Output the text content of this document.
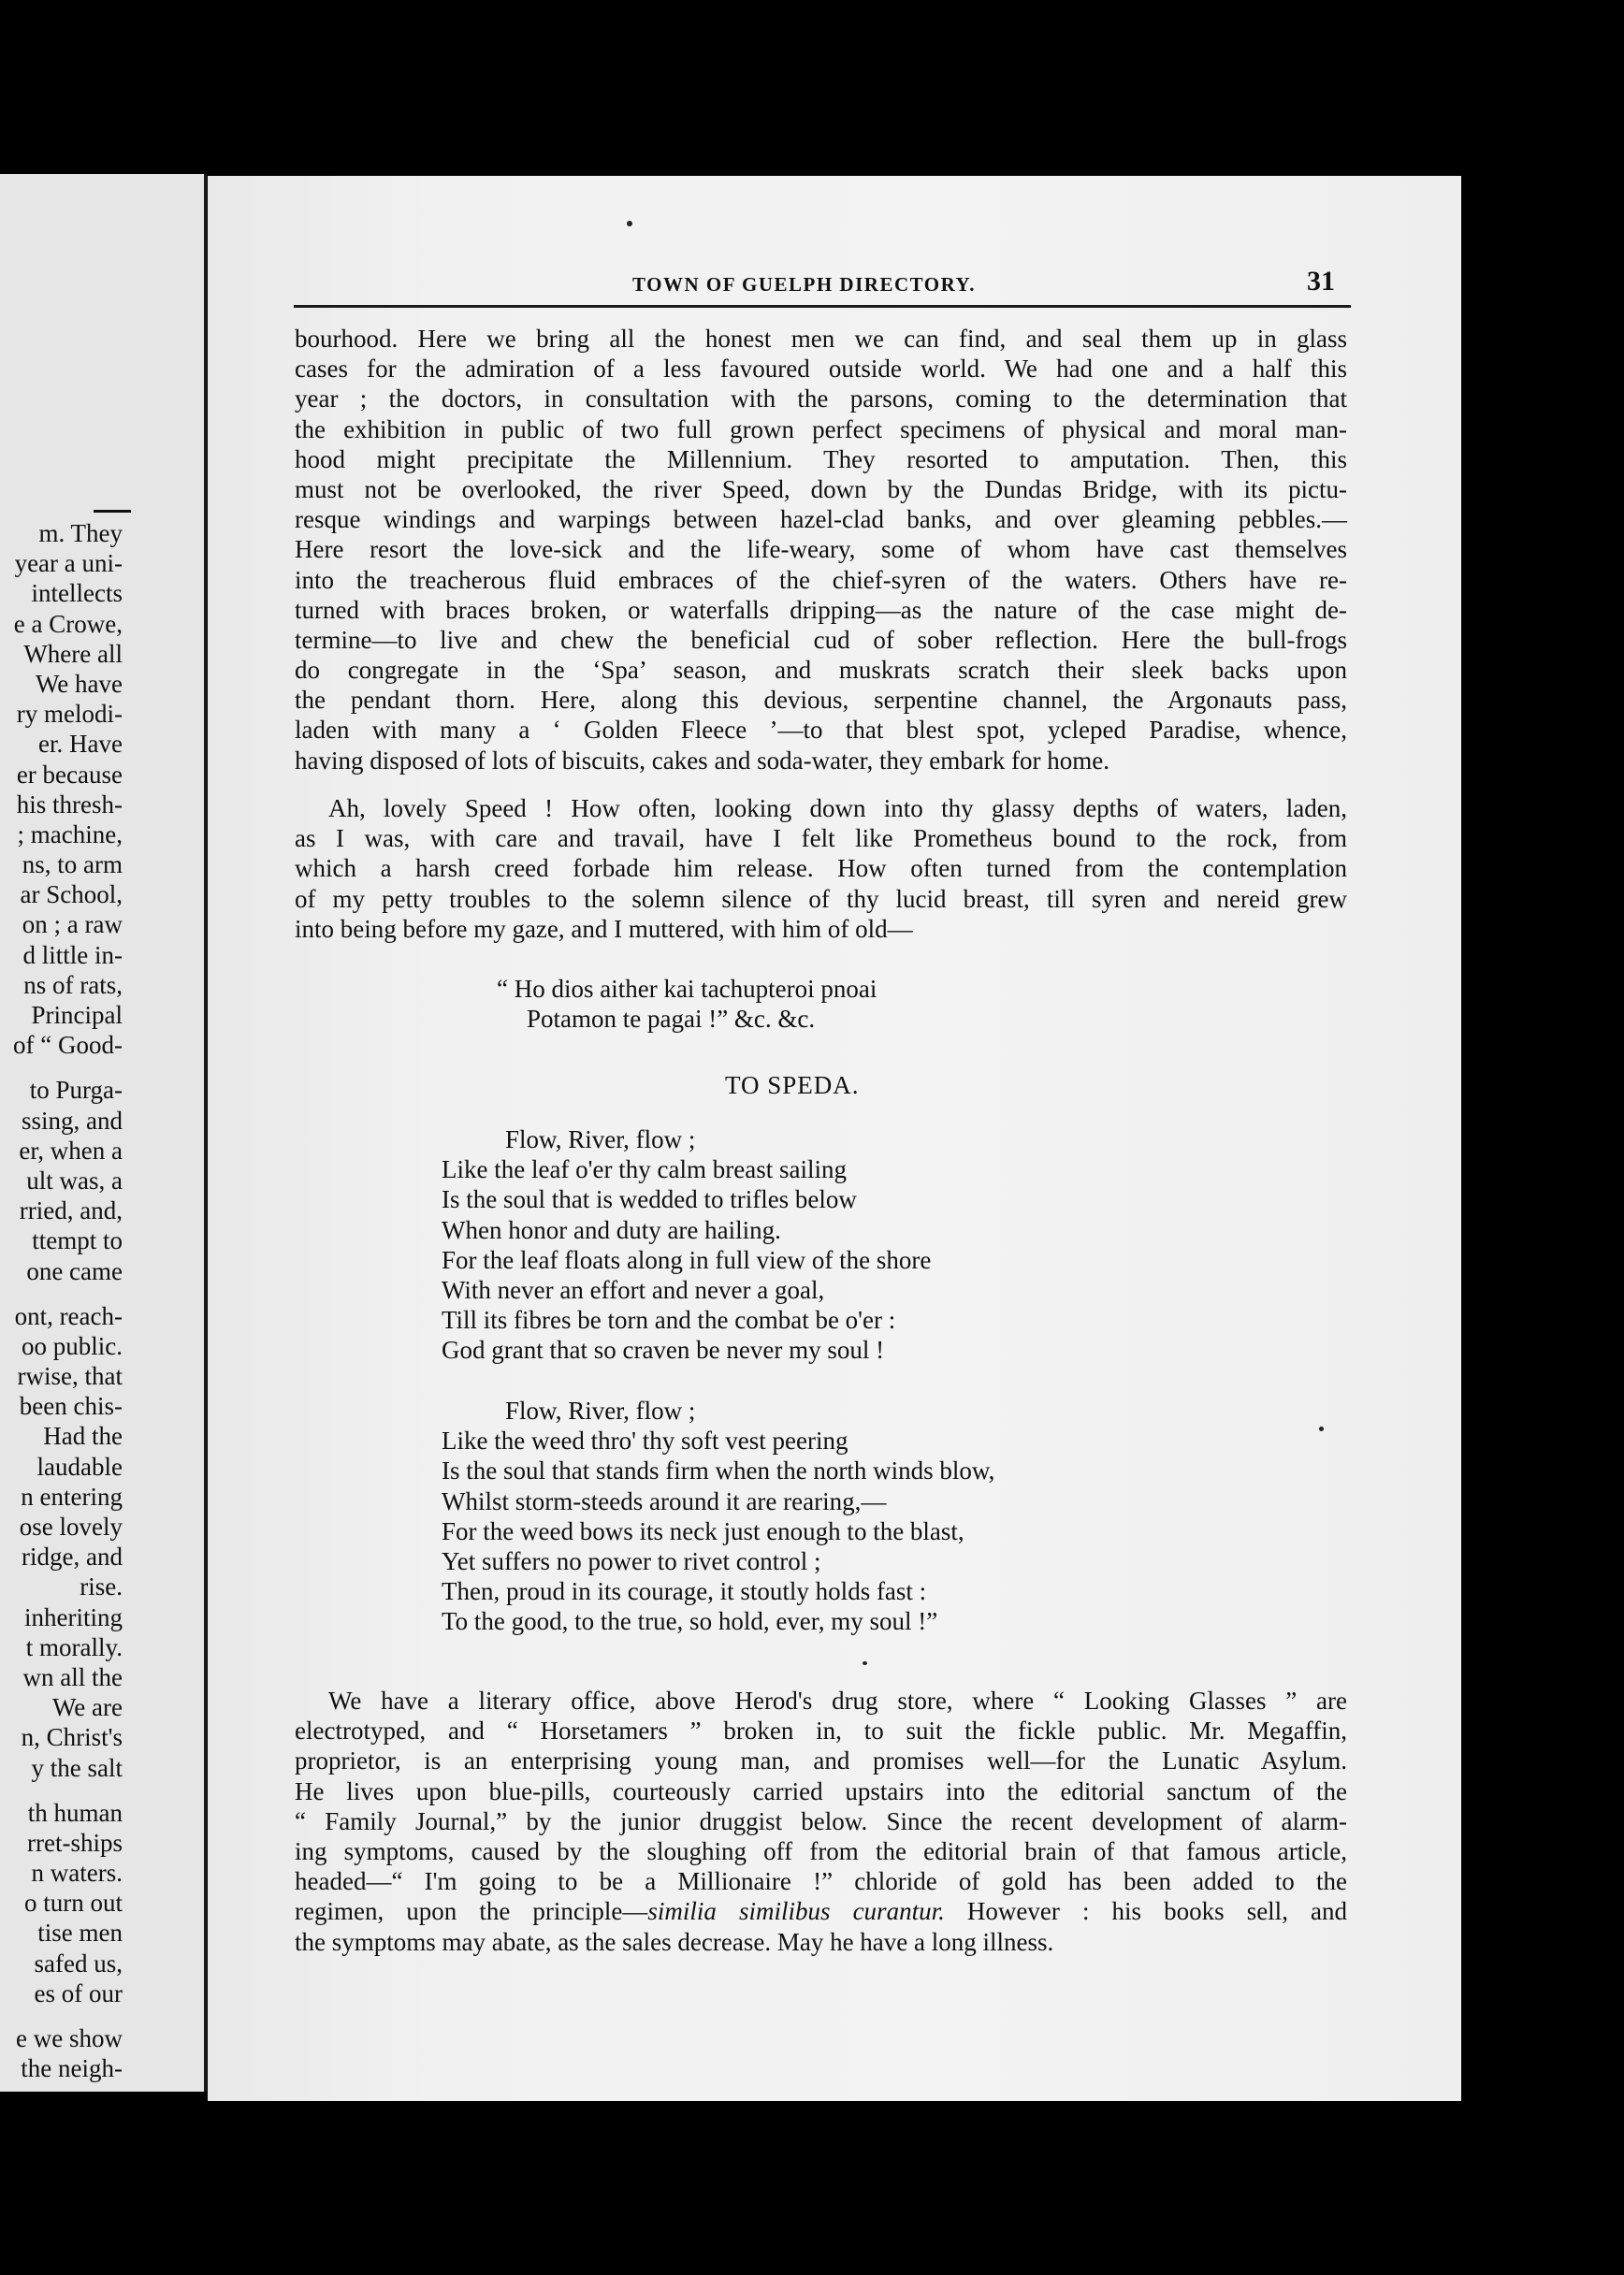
m. They
year a uni-
intellects
e a Crowe,
Where all
We have
ry melodi-
er. Have
er because
his thresh-
; machine,
ns, to arm
ar School,
on ; a raw
d little in-
ns of rats,
Principal
of “ Good-
to Purga-
ssing, and
er, when a
ult was, a
rried, and,
ttempt to
one came
ont, reach-
oo public.
rwise, that
been chis-
Had the
laudable
n entering
ose lovely
ridge, and
rise.
inheriting
t morally.
wn all the
We are
n, Christ's
y the salt
th human
rret-ships
n waters.
o turn out
tise men
safed us,
es of our
e we show
the neigh-
TOWN OF GUELPH DIRECTORY.	31
bourhood. Here we bring all the honest men we can find, and seal them up in glass
cases for the admiration of a less favoured outside world. We had one and a half this
year ; the doctors, in consultation with the parsons, coming to the determination that
the exhibition in public of two full grown perfect specimens of physical and moral man-
hood might precipitate the Millennium. They resorted to amputation. Then, this
must not be overlooked, the river Speed, down by the Dundas Bridge, with its pictu-
resque windings and warpings between hazel-clad banks, and over gleaming pebbles.—
Here resort the love-sick and the life-weary, some of whom have cast themselves
into the treacherous fluid embraces of the chief-syren of the waters. Others have re-
turned with braces broken, or waterfalls dripping—as the nature of the case might de-
termine—to live and chew the beneficial cud of sober reflection. Here the bull-frogs
do congregate in the ‘Spa’ season, and muskrats scratch their sleek backs upon
the pendant thorn. Here, along this devious, serpentine channel, the Argonauts pass,
laden with many a ‘ Golden Fleece ’—to that blest spot, ycleped Paradise, whence,
having disposed of lots of biscuits, cakes and soda-water, they embark for home.
Ah, lovely Speed ! How often, looking down into thy glassy depths of waters, laden,
as I was, with care and travail, have I felt like Prometheus bound to the rock, from
which a harsh creed forbade him release. How often turned from the contemplation
of my petty troubles to the solemn silence of thy lucid breast, till syren and nereid grew
into being before my gaze, and I muttered, with him of old—
“ Ho dios aither kai tachupteroi pnoai
Potamon te pagai !” &c. &c.
TO SPEDA.
Flow, River, flow ;
Like the leaf o'er thy calm breast sailing
Is the soul that is wedded to trifles below
When honor and duty are hailing.
For the leaf floats along in full view of the shore
With never an effort and never a goal,
Till its fibres be torn and the combat be o'er :
God grant that so craven be never my soul !
Flow, River, flow ;
Like the weed thro' thy soft vest peering
Is the soul that stands firm when the north winds blow,
Whilst storm-steeds around it are rearing,—
For the weed bows its neck just enough to the blast,
Yet suffers no power to rivet control ;
Then, proud in its courage, it stoutly holds fast :
To the good, to the true, so hold, ever, my soul !”
We have a literary office, above Herod's drug store, where “ Looking Glasses ” are
electrotyped, and “ Horsetamers ” broken in, to suit the fickle public. Mr. Megaffin,
proprietor, is an enterprising young man, and promises well—for the Lunatic Asylum.
He lives upon blue-pills, courteously carried upstairs into the editorial sanctum of the
“ Family Journal,” by the junior druggist below. Since the recent development of alarm-
ing symptoms, caused by the sloughing off from the editorial brain of that famous article,
headed—“ I'm going to be a Millionaire !” chloride of gold has been added to the
regimen, upon the principle—similia similibus curantur. However : his books sell, and
the symptoms may abate, as the sales decrease. May he have a long illness.
